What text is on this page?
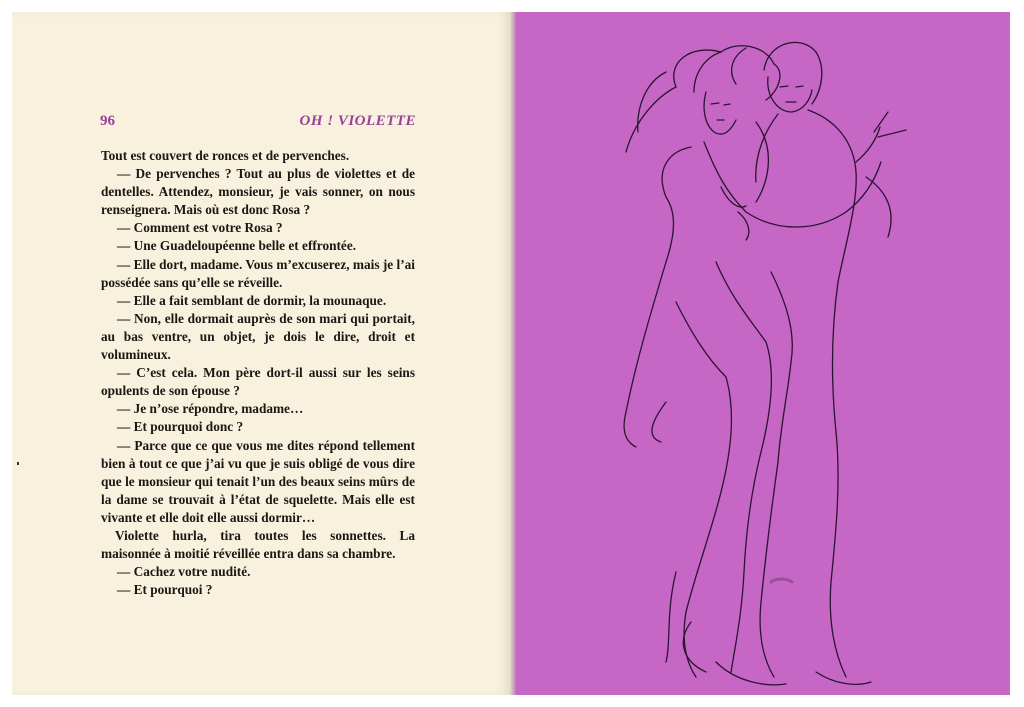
96	OH ! VIOLETTE

Tout est couvert de ronces et de pervenches.

— De pervenches ? Tout au plus de violettes et de dentelles. Attendez, monsieur, je vais sonner, on nous renseignera. Mais où est donc Rosa ?

— Comment est votre Rosa ?

— Une Guadeloupéenne belle et effrontée.

— Elle dort, madame. Vous m’excuserez, mais je l’ai possédée sans qu’elle se réveille.

— Elle a fait semblant de dormir, la mounaque.

— Non, elle dormait auprès de son mari qui portait, au bas ventre, un objet, je dois le dire, droit et volumineux.

— C’est cela. Mon père dort-il aussi sur les seins opulents de son épouse ?

— Je n’ose répondre, madame…

— Et pourquoi donc ?

— Parce que ce que vous me dites répond tellement bien à tout ce que j’ai vu que je suis obligé de vous dire que le monsieur qui tenait l’un des beaux seins mûrs de la dame se trouvait à l’état de squelette. Mais elle est vivante et elle doit elle aussi dormir…

Violette hurla, tira toutes les sonnettes. La maisonnée à moitié réveillée entra dans sa chambre.

— Cachez votre nudité.

— Et pourquoi ?
